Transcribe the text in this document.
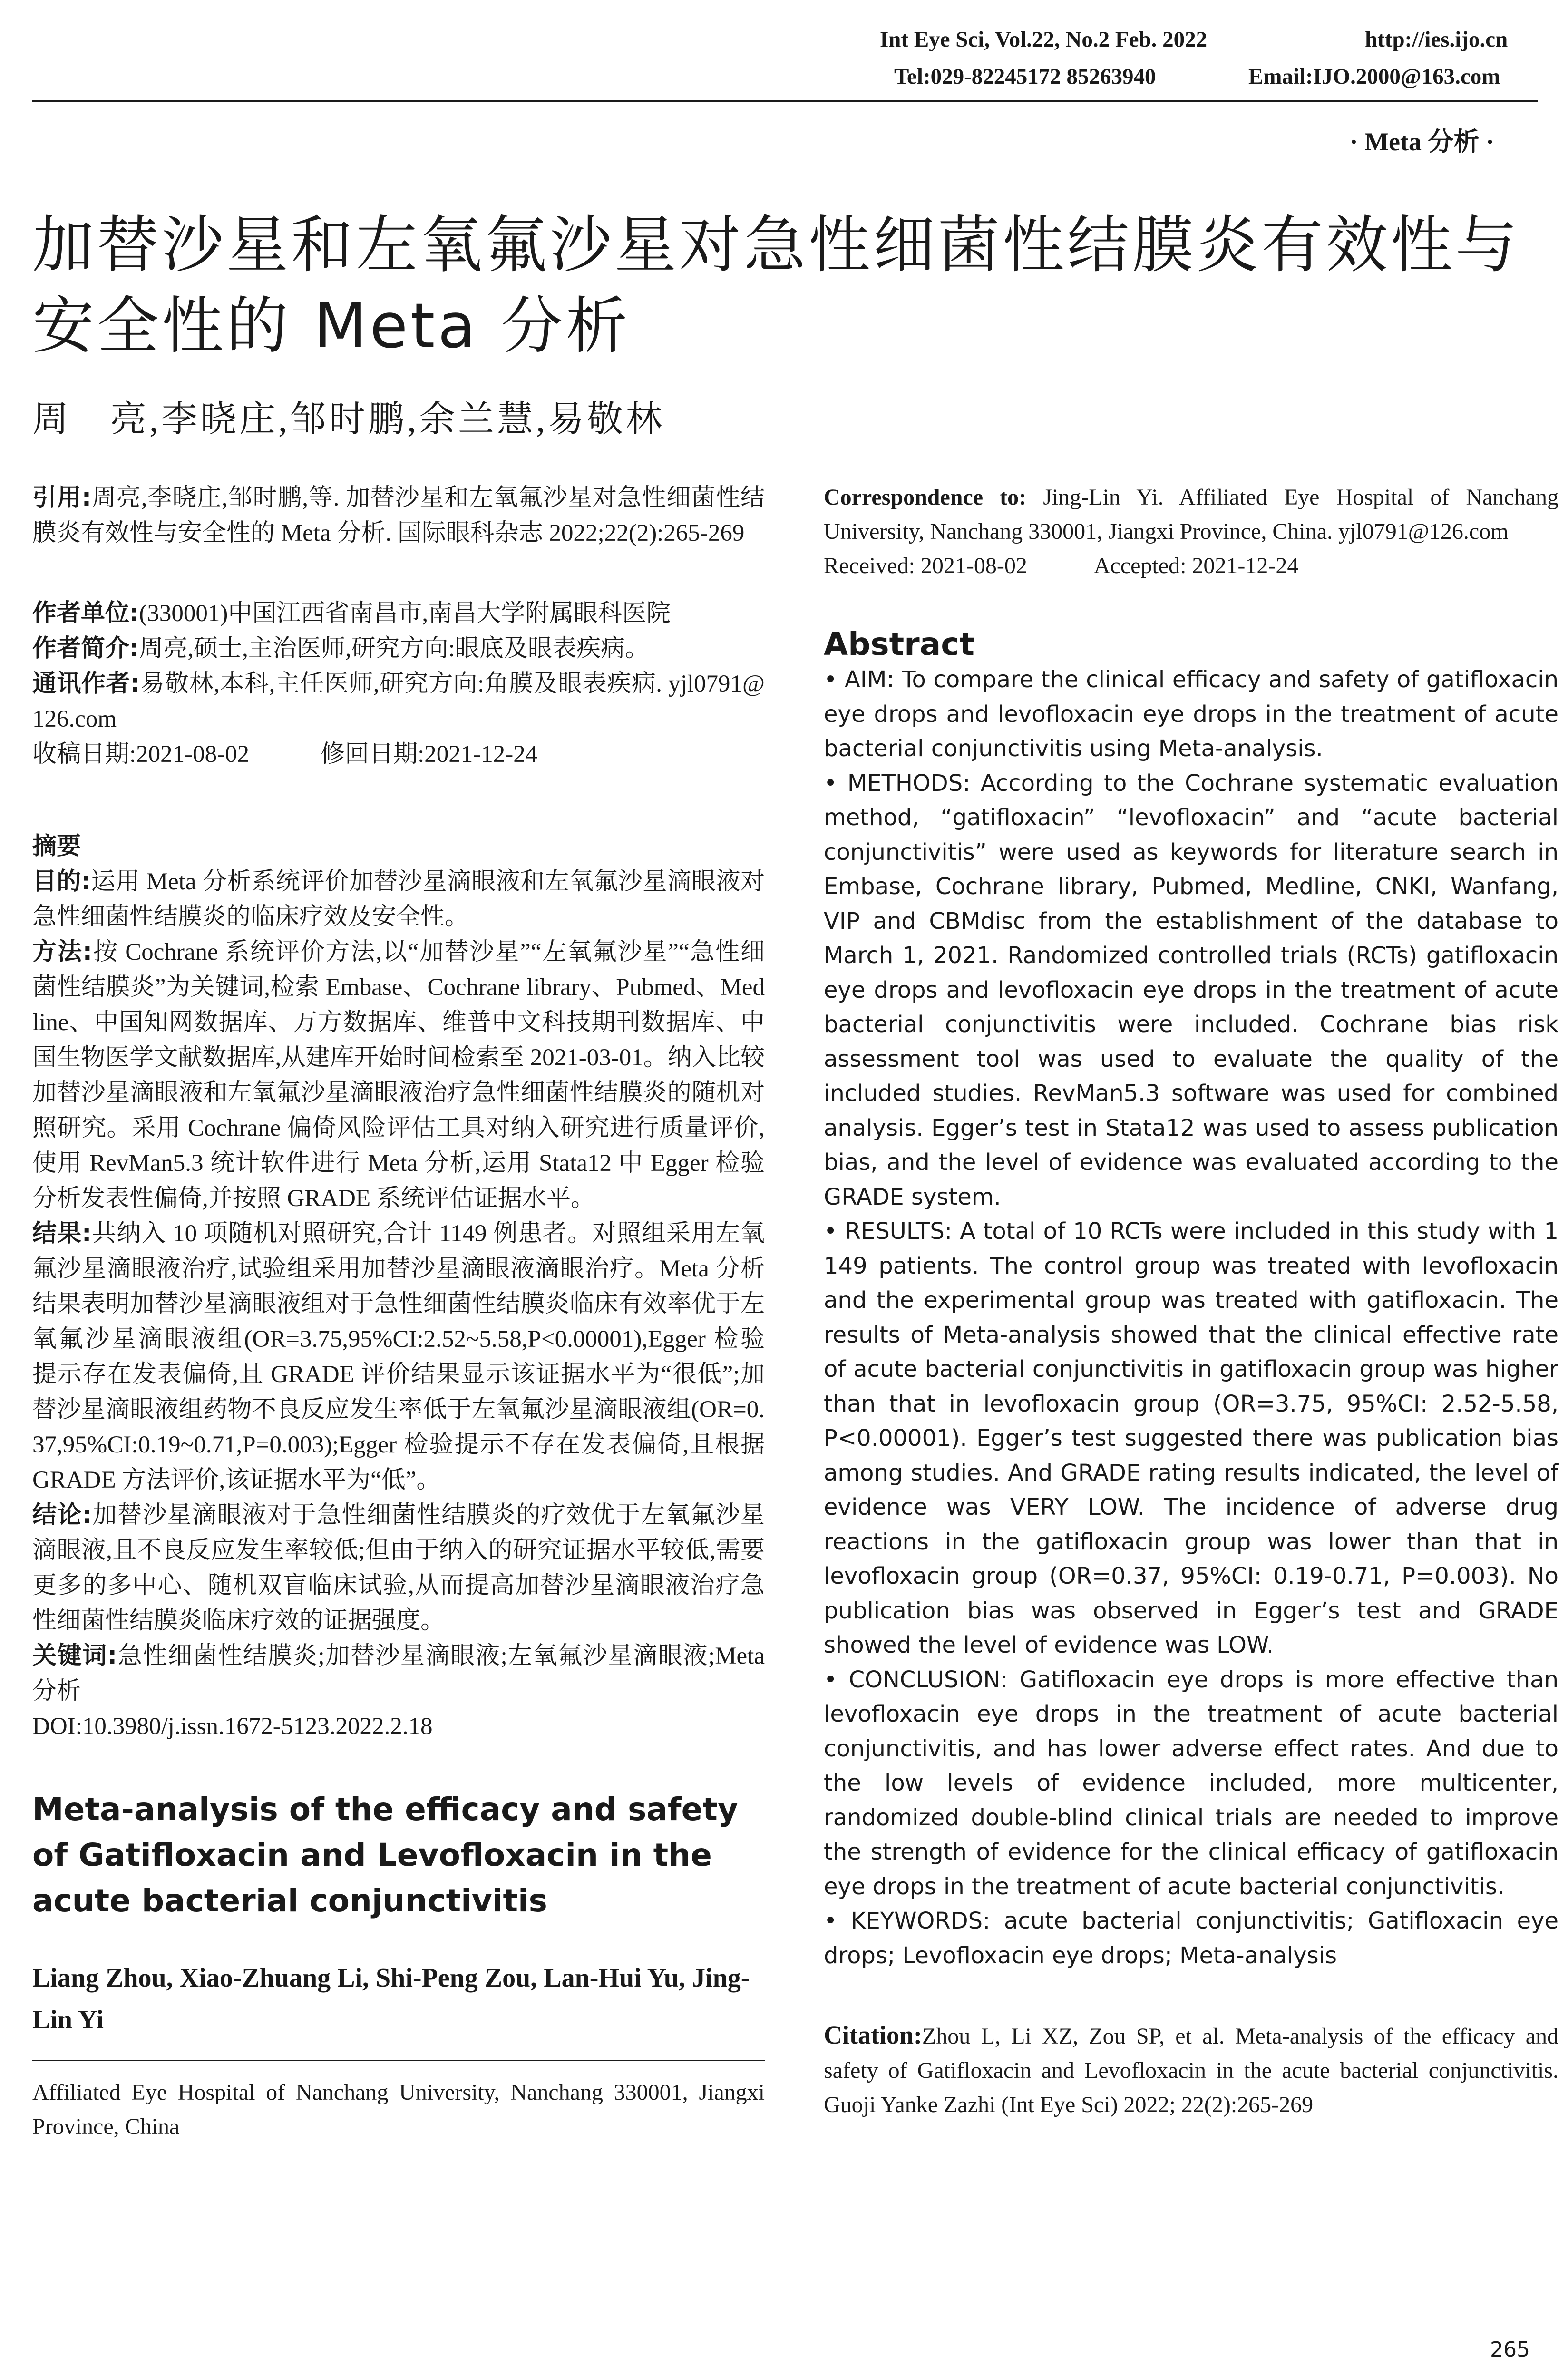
Int Eye Sci, Vol.22, No.2 Feb. 2022	http://ies.ijo.cn
Tel:029-82245172 85263940	Email:IJO.2000@163.com
· Meta 分析 ·
加替沙星和左氧氟沙星对急性细菌性结膜炎有效性与安全性的 Meta 分析
周　亮,李晓庄,邹时鹏,余兰慧,易敬林
引用:周亮,李晓庄,邹时鹏,等. 加替沙星和左氧氟沙星对急性细菌性结膜炎有效性与安全性的 Meta 分析. 国际眼科杂志 2022;22(2):265-269

作者单位:(330001)中国江西省南昌市,南昌大学附属眼科医院

作者简介:周亮,硕士,主治医师,研究方向:眼底及眼表疾病。

通讯作者:易敬林,本科,主任医师,研究方向:角膜及眼表疾病. yjl0791@126.com

收稿日期:2021-08-02	修回日期:2021-12-24

摘要

目的:运用 Meta 分析系统评价加替沙星滴眼液和左氧氟沙星滴眼液对急性细菌性结膜炎的临床疗效及安全性。

方法:按 Cochrane 系统评价方法,以“加替沙星”“左氧氟沙星”“急性细菌性结膜炎”为关键词,检索 Embase、Cochrane library、Pubmed、Medline、中国知网数据库、万方数据库、维普中文科技期刊数据库、中国生物医学文献数据库,从建库开始时间检索至 2021-03-01。纳入比较加替沙星滴眼液和左氧氟沙星滴眼液治疗急性细菌性结膜炎的随机对照研究。采用 Cochrane 偏倚风险评估工具对纳入研究进行质量评价,使用 RevMan5.3 统计软件进行 Meta 分析,运用 Stata12 中 Egger 检验分析发表性偏倚,并按照 GRADE 系统评估证据水平。

结果:共纳入 10 项随机对照研究,合计 1149 例患者。对照组采用左氧氟沙星滴眼液治疗,试验组采用加替沙星滴眼液滴眼治疗。Meta 分析结果表明加替沙星滴眼液组对于急性细菌性结膜炎临床有效率优于左氧氟沙星滴眼液组(OR=3.75,95%CI:2.52~5.58,P<0.00001),Egger 检验提示存在发表偏倚,且 GRADE 评价结果显示该证据水平为“很低”;加替沙星滴眼液组药物不良反应发生率低于左氧氟沙星滴眼液组(OR=0.37,95%CI:0.19~0.71,P=0.003);Egger 检验提示不存在发表偏倚,且根据 GRADE 方法评价,该证据水平为“低”。

结论:加替沙星滴眼液对于急性细菌性结膜炎的疗效优于左氧氟沙星滴眼液,且不良反应发生率较低;但由于纳入的研究证据水平较低,需要更多的多中心、随机双盲临床试验,从而提高加替沙星滴眼液治疗急性细菌性结膜炎临床疗效的证据强度。

关键词:急性细菌性结膜炎;加替沙星滴眼液;左氧氟沙星滴眼液;Meta 分析

DOI:10.3980/j.issn.1672-5123.2022.2.18

Meta-analysis of the efficacy and safety of Gatifloxacin and Levofloxacin in the acute bacterial conjunctivitis
Liang Zhou, Xiao-Zhuang Li, Shi-Peng Zou, Lan-Hui Yu, Jing-Lin Yi
Affiliated Eye Hospital of Nanchang University, Nanchang 330001, Jiangxi Province, China

Correspondence to: Jing-Lin Yi. Affiliated Eye Hospital of Nanchang University, Nanchang 330001, Jiangxi Province, China. yjl0791@126.com

Received: 2021-08-02	Accepted: 2021-12-24

Abstract

• AIM: To compare the clinical efficacy and safety of gatifloxacin eye drops and levofloxacin eye drops in the treatment of acute bacterial conjunctivitis using Meta-analysis.

• METHODS: According to the Cochrane systematic evaluation method, “gatifloxacin” “levofloxacin” and “acute bacterial conjunctivitis” were used as keywords for literature search in Embase, Cochrane library, Pubmed, Medline, CNKI, Wanfang, VIP and CBMdisc from the establishment of the database to March 1, 2021. Randomized controlled trials (RCTs) gatifloxacin eye drops and levofloxacin eye drops in the treatment of acute bacterial conjunctivitis were included. Cochrane bias risk assessment tool was used to evaluate the quality of the included studies. RevMan5.3 software was used for combined analysis. Egger’s test in Stata12 was used to assess publication bias, and the level of evidence was evaluated according to the GRADE system.

• RESULTS: A total of 10 RCTs were included in this study with 1 149 patients. The control group was treated with levofloxacin and the experimental group was treated with gatifloxacin. The results of Meta-analysis showed that the clinical effective rate of acute bacterial conjunctivitis in gatifloxacin group was higher than that in levofloxacin group (OR=3.75, 95%CI: 2.52-5.58, P<0.00001). Egger’s test suggested there was publication bias among studies. And GRADE rating results indicated, the level of evidence was VERY LOW. The incidence of adverse drug reactions in the gatifloxacin group was lower than that in levofloxacin group (OR=0.37, 95%CI: 0.19-0.71, P=0.003). No publication bias was observed in Egger’s test and GRADE showed the level of evidence was LOW.

• CONCLUSION: Gatifloxacin eye drops is more effective than levofloxacin eye drops in the treatment of acute bacterial conjunctivitis, and has lower adverse effect rates. And due to the low levels of evidence included, more multicenter, randomized double-blind clinical trials are needed to improve the strength of evidence for the clinical efficacy of gatifloxacin eye drops in the treatment of acute bacterial conjunctivitis.

• KEYWORDS: acute bacterial conjunctivitis; Gatifloxacin eye drops; Levofloxacin eye drops; Meta-analysis

Citation:Zhou L, Li XZ, Zou SP, et al. Meta-analysis of the efficacy and safety of Gatifloxacin and Levofloxacin in the acute bacterial conjunctivitis. Guoji Yanke Zazhi (Int Eye Sci) 2022; 22(2):265-269
265
